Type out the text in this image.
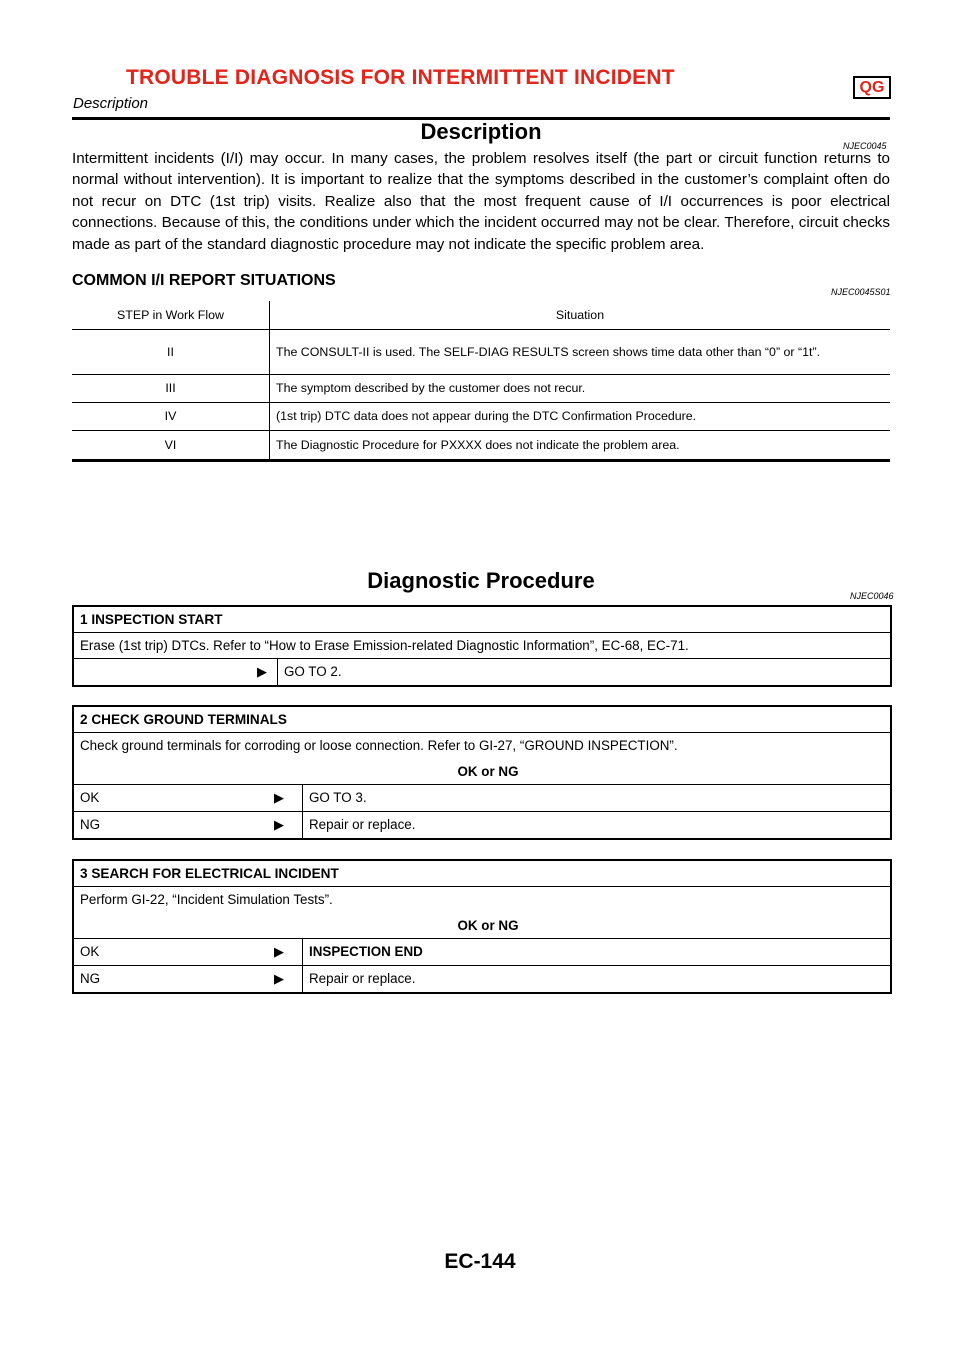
TROUBLE DIAGNOSIS FOR INTERMITTENT INCIDENT	QG
Description
Description
NJEC0045
Intermittent incidents (I/I) may occur. In many cases, the problem resolves itself (the part or circuit function returns to normal without intervention). It is important to realize that the symptoms described in the customer’s complaint often do not recur on DTC (1st trip) visits. Realize also that the most frequent cause of I/I occurrences is poor electrical connections. Because of this, the conditions under which the incident occurred may not be clear. Therefore, circuit checks made as part of the standard diagnostic procedure may not indicate the specific problem area.
COMMON I/I REPORT SITUATIONS
NJEC0045S01
STEP in Work Flow	Situation
II	The CONSULT-II is used. The SELF-DIAG RESULTS screen shows time data other than “0” or “1t”.
III	The symptom described by the customer does not recur.
IV	(1st trip) DTC data does not appear during the DTC Confirmation Procedure.
VI	The Diagnostic Procedure for PXXXX does not indicate the problem area.
Diagnostic Procedure
NJEC0046
1 INSPECTION START
Erase (1st trip) DTCs. Refer to “How to Erase Emission-related Diagnostic Information”, EC-68, EC-71.
▶	GO TO 2.
2 CHECK GROUND TERMINALS
Check ground terminals for corroding or loose connection. Refer to GI-27, “GROUND INSPECTION”.
OK or NG
OK	▶	GO TO 3.
NG	▶	Repair or replace.
3 SEARCH FOR ELECTRICAL INCIDENT
Perform GI-22, “Incident Simulation Tests”.
OK or NG
OK	▶	INSPECTION END
NG	▶	Repair or replace.
EC-144
